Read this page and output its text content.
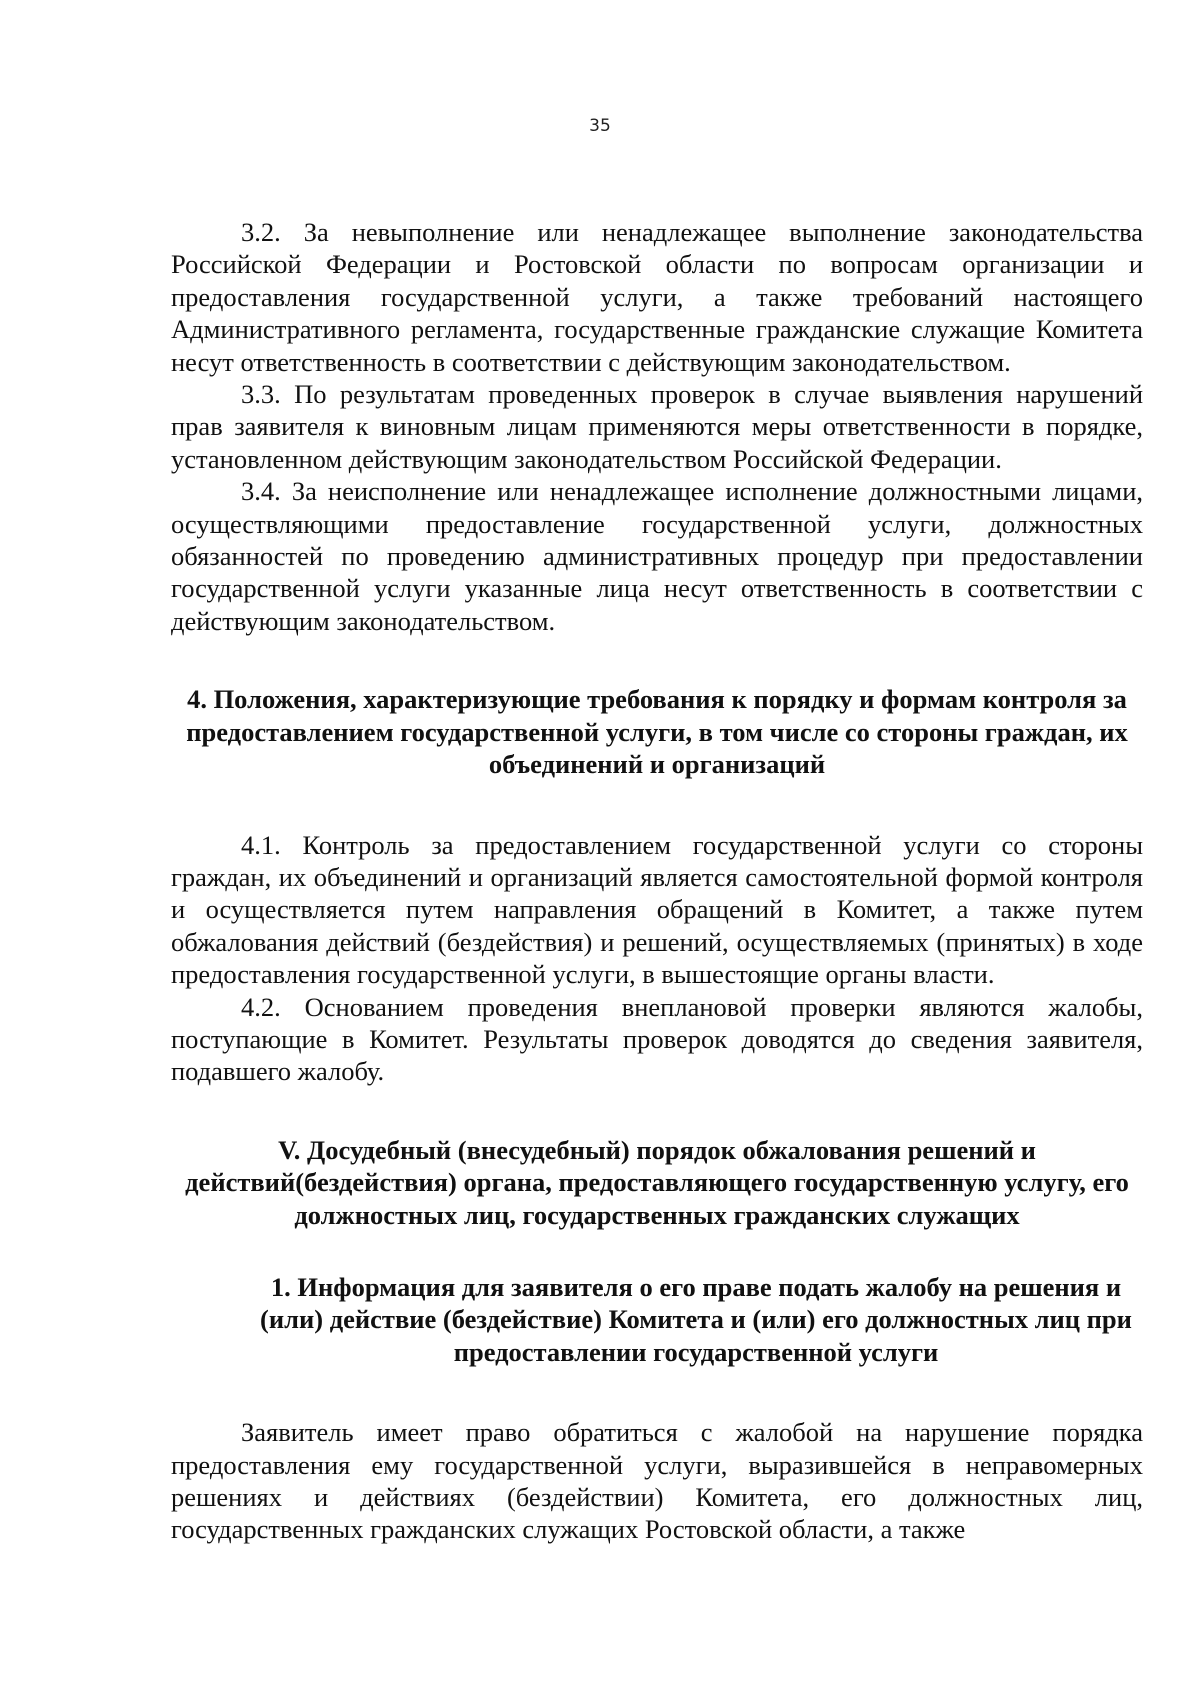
35

3.2. За невыполнение или ненадлежащее выполнение законодательства Российской Федерации и Ростовской области по вопросам организации и предоставления государственной услуги, а также требований настоящего Административного регламента, государственные гражданские служащие Комитета несут ответственность в соответствии с действующим законодательством.

3.3. По результатам проведенных проверок в случае выявления нарушений прав заявителя к виновным лицам применяются меры ответственности в порядке, установленном действующим законодательством Российской Федерации.

3.4. За неисполнение или ненадлежащее исполнение должностными лицами, осуществляющими предоставление государственной услуги, должностных обязанностей по проведению административных процедур при предоставлении государственной услуги указанные лица несут ответственность в соответствии с действующим законодательством.

4. Положения, характеризующие требования к порядку и формам контроля за предоставлением государственной услуги, в том числе со стороны граждан, их объединений и организаций

4.1. Контроль за предоставлением государственной услуги со стороны граждан, их объединений и организаций является самостоятельной формой контроля и осуществляется путем направления обращений в Комитет, а также путем обжалования действий (бездействия) и решений, осуществляемых (принятых) в ходе предоставления государственной услуги, в вышестоящие органы власти.

4.2. Основанием проведения внеплановой проверки являются жалобы, поступающие в Комитет. Результаты проверок доводятся до сведения заявителя, подавшего жалобу.

V. Досудебный (внесудебный) порядок обжалования решений и действий(бездействия) органа, предоставляющего государственную услугу, его должностных лиц, государственных гражданских служащих
1. Информация для заявителя о его праве подать жалобу на решения и (или) действие (бездействие) Комитета и (или) его должностных лиц при предоставлении государственной услуги

Заявитель имеет право обратиться с жалобой на нарушение порядка предоставления ему государственной услуги, выразившейся в неправомерных решениях и действиях (бездействии) Комитета, его должностных лиц, государственных гражданских служащих Ростовской области, а также
